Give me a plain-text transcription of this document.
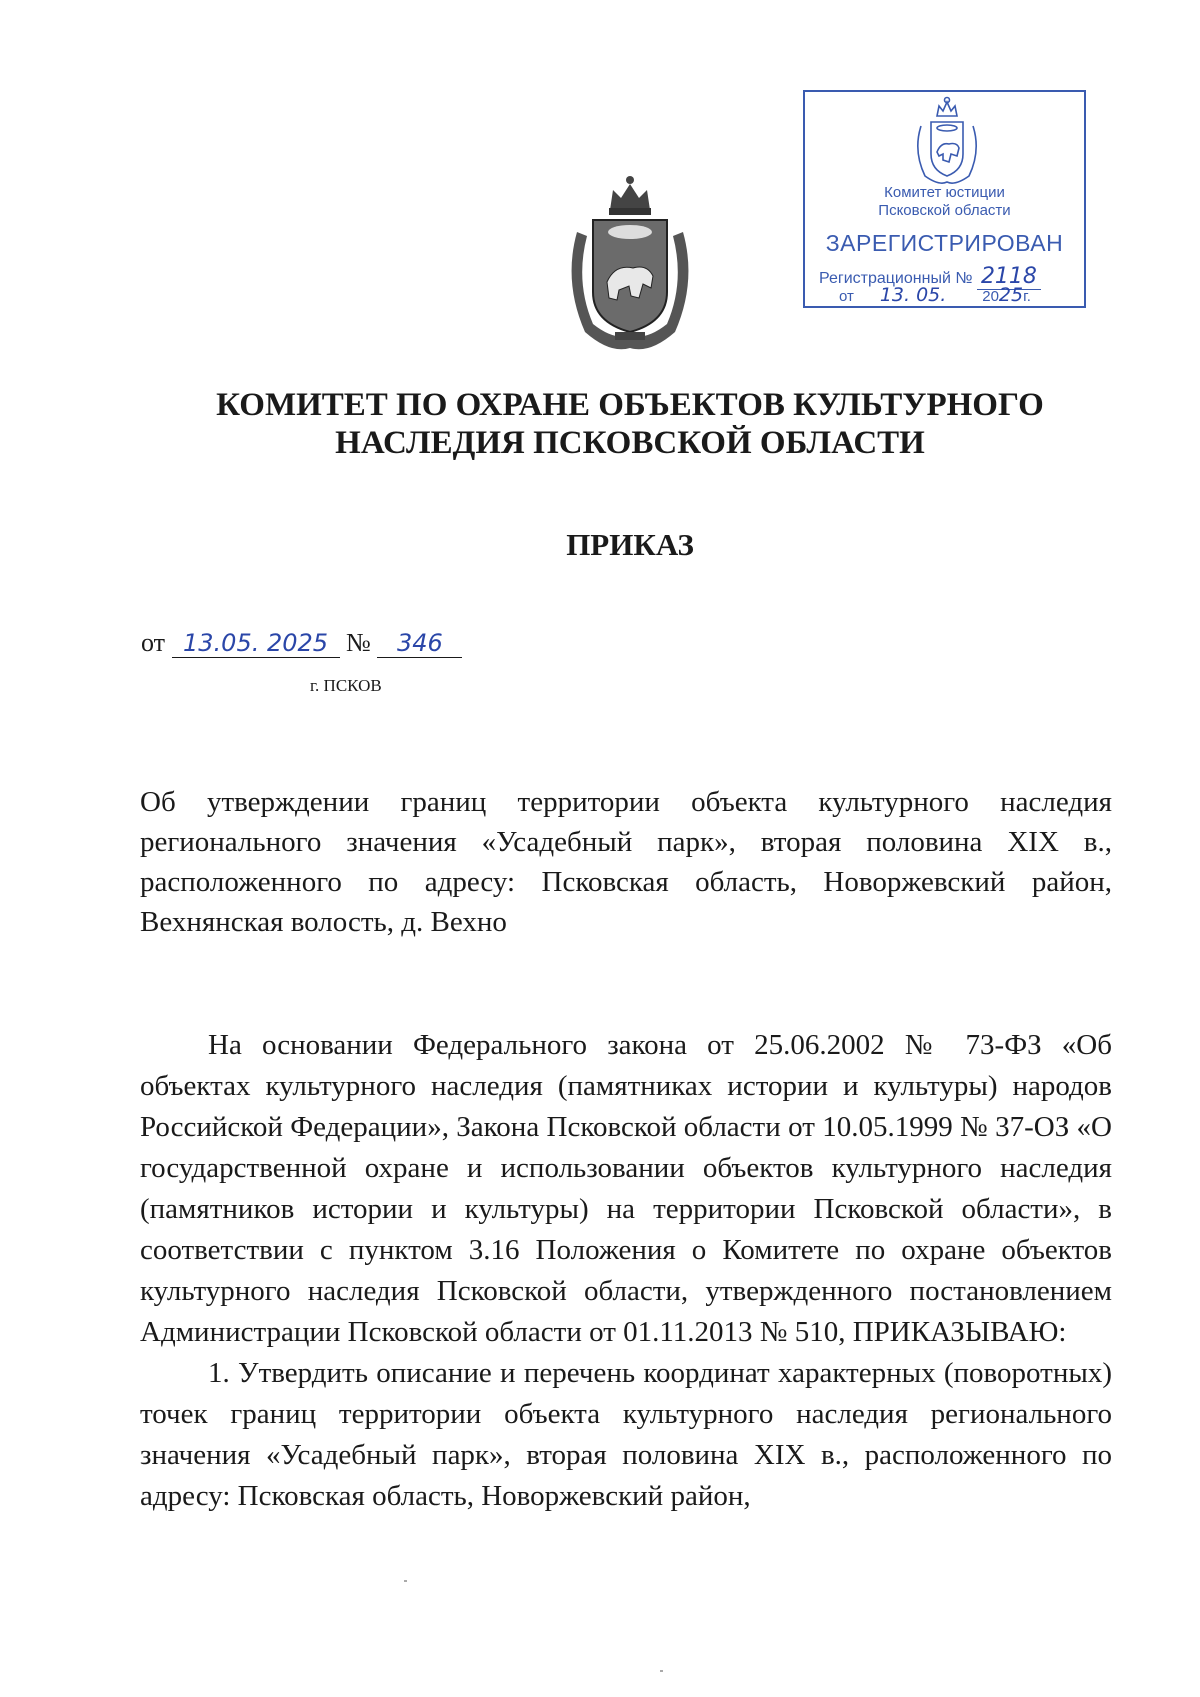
Комитет юстиции
Псковской области
ЗАРЕГИСТРИРОВАН
Регистрационный № 2118
от 13. 05. 2025г.
КОМИТЕТ ПО ОХРАНЕ ОБЪЕКТОВ КУЛЬТУРНОГО
НАСЛЕДИЯ ПСКОВСКОЙ ОБЛАСТИ
ПРИКАЗ
от 13.05. 2025 № 346
г. ПСКОВ
Об утверждении границ территории объекта культурного наследия регионального значения «Усадебный парк», вторая половина XIX в., расположенного по адресу: Псковская область, Новоржевский район, Вехнянская волость, д. Вехно

На основании Федерального закона от 25.06.2002 № 73-ФЗ «Об объектах культурного наследия (памятниках истории и культуры) народов Российской Федерации», Закона Псковской области от 10.05.1999 № 37-ОЗ «О государственной охране и использовании объектов культурного наследия (памятников истории и культуры) на территории Псковской области», в соответствии с пунктом 3.16 Положения о Комитете по охране объектов культурного наследия Псковской области, утвержденного постановлением Администрации Псковской области от 01.11.2013 № 510, ПРИКАЗЫВАЮ:

1. Утвердить описание и перечень координат характерных (поворотных) точек границ территории объекта культурного наследия регионального значения «Усадебный парк», вторая половина XIX в., расположенного по адресу: Псковская область, Новоржевский район,
